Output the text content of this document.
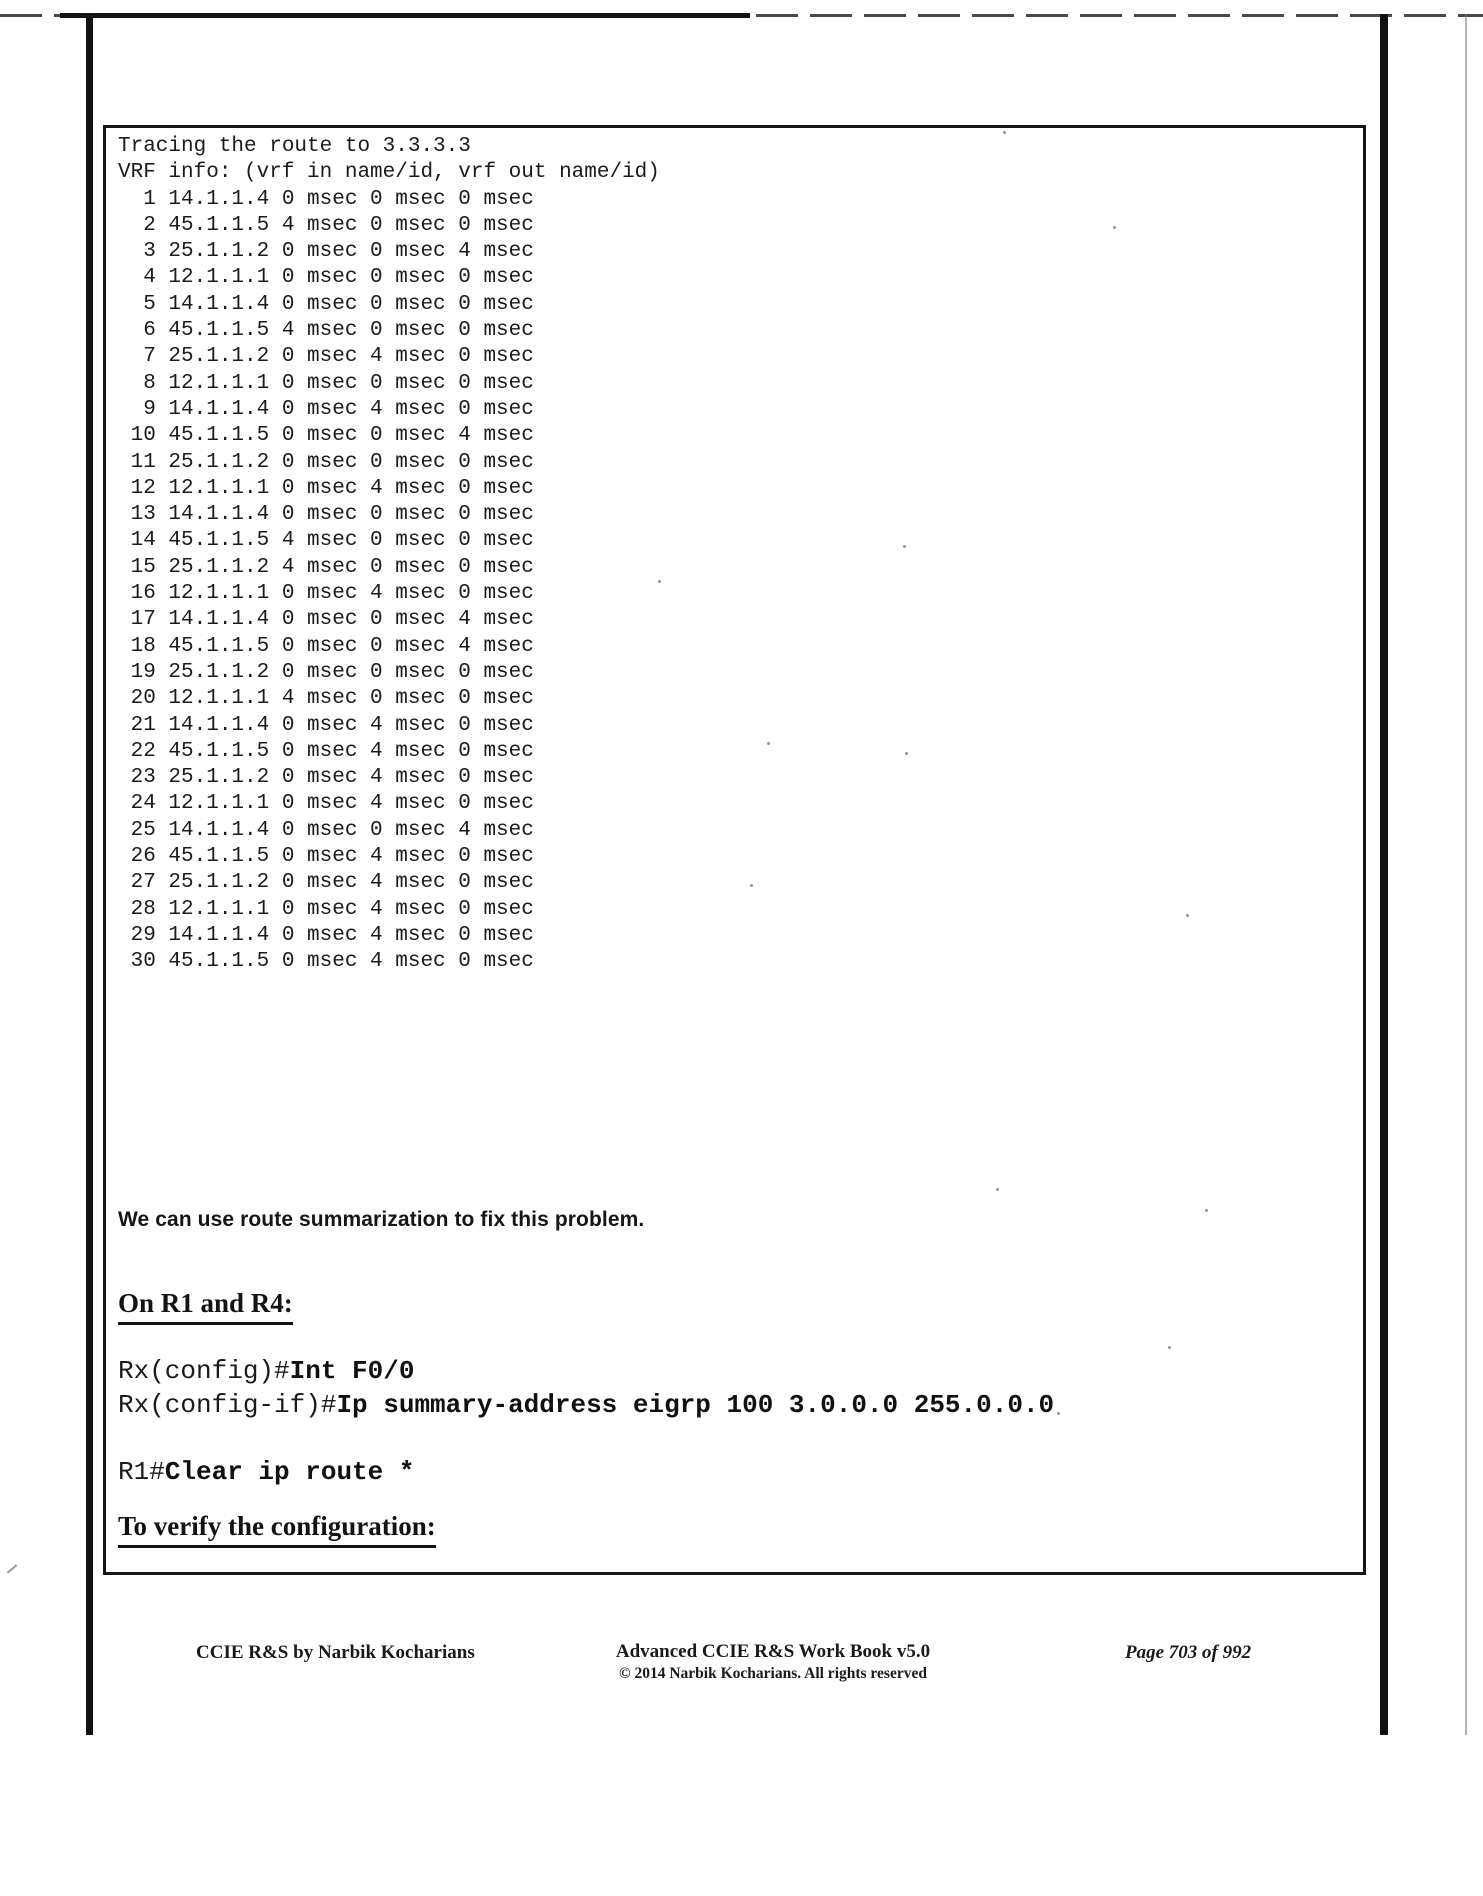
Tracing the route to 3.3.3.3
VRF info: (vrf in name/id, vrf out name/id)
1 14.1.1.4 0 msec 0 msec 0 msec
2 45.1.1.5 4 msec 0 msec 0 msec
3 25.1.1.2 0 msec 0 msec 4 msec
4 12.1.1.1 0 msec 0 msec 0 msec
5 14.1.1.4 0 msec 0 msec 0 msec
6 45.1.1.5 4 msec 0 msec 0 msec
7 25.1.1.2 0 msec 4 msec 0 msec
8 12.1.1.1 0 msec 0 msec 0 msec
9 14.1.1.4 0 msec 4 msec 0 msec
10 45.1.1.5 0 msec 0 msec 4 msec
11 25.1.1.2 0 msec 0 msec 0 msec
12 12.1.1.1 0 msec 4 msec 0 msec
13 14.1.1.4 0 msec 0 msec 0 msec
14 45.1.1.5 4 msec 0 msec 0 msec
15 25.1.1.2 4 msec 0 msec 0 msec
16 12.1.1.1 0 msec 4 msec 0 msec
17 14.1.1.4 0 msec 0 msec 4 msec
18 45.1.1.5 0 msec 0 msec 4 msec
19 25.1.1.2 0 msec 0 msec 0 msec
20 12.1.1.1 4 msec 0 msec 0 msec
21 14.1.1.4 0 msec 4 msec 0 msec
22 45.1.1.5 0 msec 4 msec 0 msec
23 25.1.1.2 0 msec 4 msec 0 msec
24 12.1.1.1 0 msec 4 msec 0 msec
25 14.1.1.4 0 msec 0 msec 4 msec
26 45.1.1.5 0 msec 4 msec 0 msec
27 25.1.1.2 0 msec 4 msec 0 msec
28 12.1.1.1 0 msec 4 msec 0 msec
29 14.1.1.4 0 msec 4 msec 0 msec
30 45.1.1.5 0 msec 4 msec 0 msec

We can use route summarization to fix this problem.

On R1 and R4:
Rx(config)#Int F0/0
Rx(config-if)#Ip summary-address eigrp 100 3.0.0.0 255.0.0.0
R1#Clear ip route *
To verify the configuration:
CCIE R&S by Narbik Kocharians	Advanced CCIE R&S Work Book v5.0
© 2014 Narbik Kocharians. All rights reserved
Page 703 of 992
